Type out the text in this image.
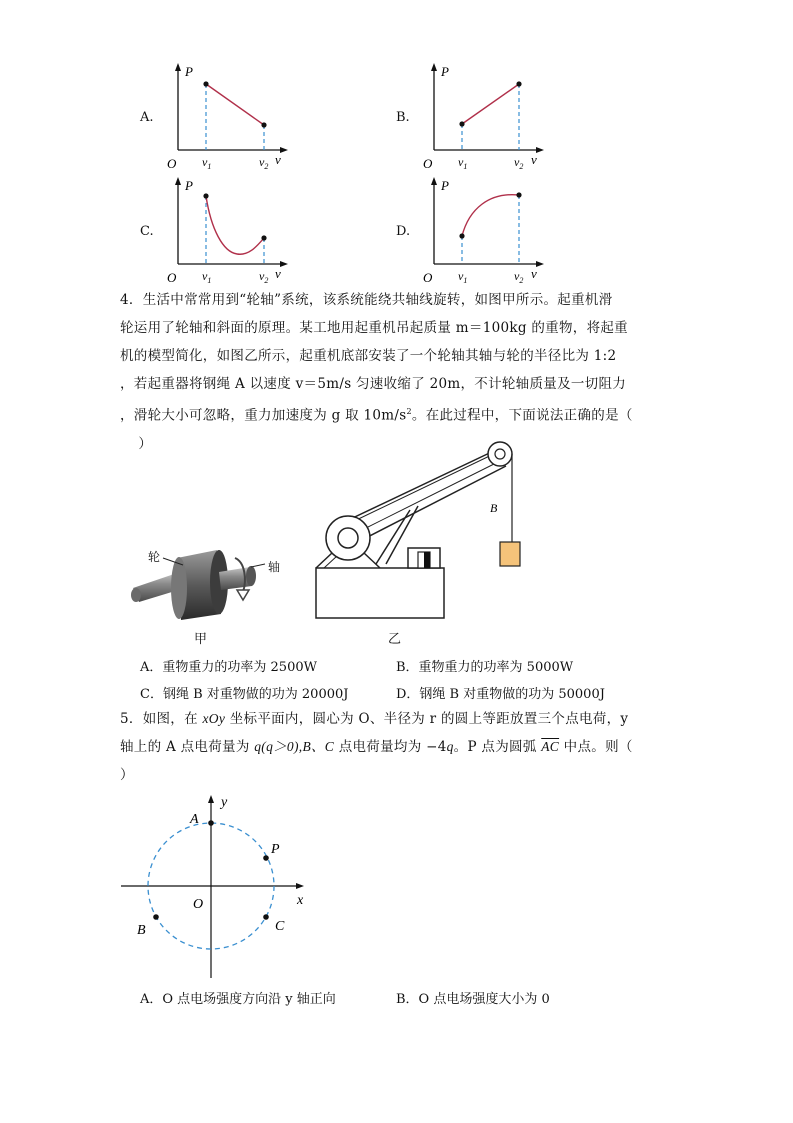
A.
P
v
O $v_1$	$v_2$
B.
P
v
O $v_1$	$v_2$
C.
P
v
O $v_1$	$v_2$
D.
P
v
O $v_1$	$v_2$
4．生活中常常用到“轮轴”系统，该系统能绕共轴线旋转，如图甲所示。起重机滑
轮运用了轮轴和斜面的原理。某工地用起重机吊起质量 m＝100kg 的重物，将起重
机的模型简化，如图乙所示，起重机底部安装了一个轮轴其轴与轮的半径比为 1:2
，若起重器将钢绳 A 以速度 v＝5m/s 匀速收缩了 20m，不计轮轴质量及一切阻力
，滑轮大小可忽略，重力加速度为 g 取 $10m/s^2$。在此过程中，下面说法正确的是（
）
轮
轴
甲
B
乙
A．重物重力的功率为 2500W	B．重物重力的功率为 5000W
C．钢绳 B 对重物做的功为 20000J	D．钢绳 B 对重物做的功为 50000J
5．如图，在 xOy 坐标平面内，圆心为 O、半径为 r 的圆上等距放置三个点电荷，y
轴上的 A 点电荷量为 q(q＞0),B、C 点电荷量均为 −4q。P 点为圆弧 $\overline{AC}$ 中点。则（
）
y
x
A
P
O
B	C
A．O 点电场强度方向沿 y 轴正向	B．O 点电场强度大小为 0
